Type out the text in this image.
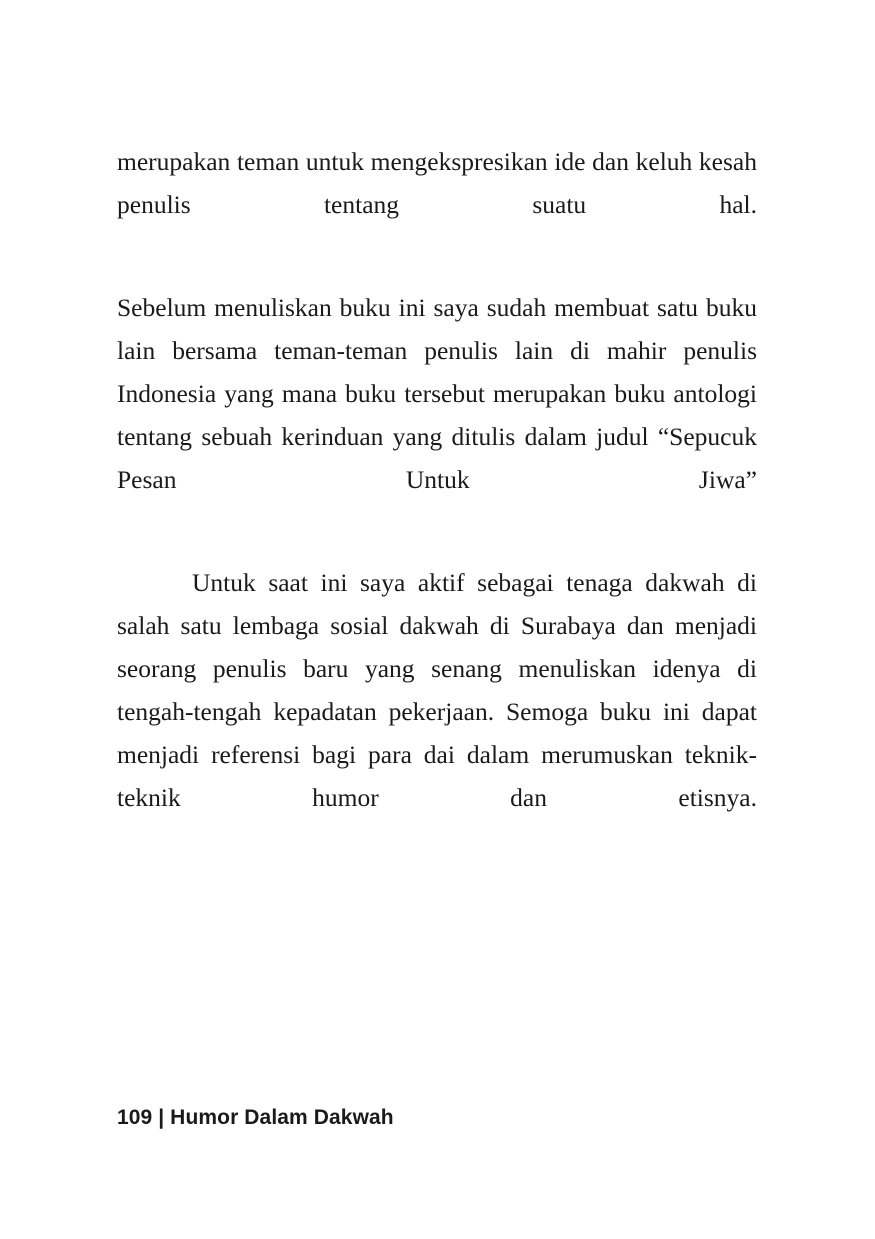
merupakan teman untuk mengekspresikan ide dan keluh kesah penulis tentang suatu hal.

Sebelum menuliskan buku ini saya sudah membuat satu buku lain bersama teman-teman penulis lain di mahir penulis Indonesia yang mana buku tersebut merupakan buku antologi tentang sebuah kerinduan yang ditulis dalam judul “Sepucuk Pesan Untuk Jiwa”

Untuk saat ini saya aktif sebagai tenaga dakwah di salah satu lembaga sosial dakwah di Surabaya dan menjadi seorang penulis baru yang senang menuliskan idenya di tengah-tengah kepadatan pekerjaan. Semoga buku ini dapat menjadi referensi bagi para dai dalam merumuskan teknik-teknik humor dan etisnya.

109 | Humor Dalam Dakwah
